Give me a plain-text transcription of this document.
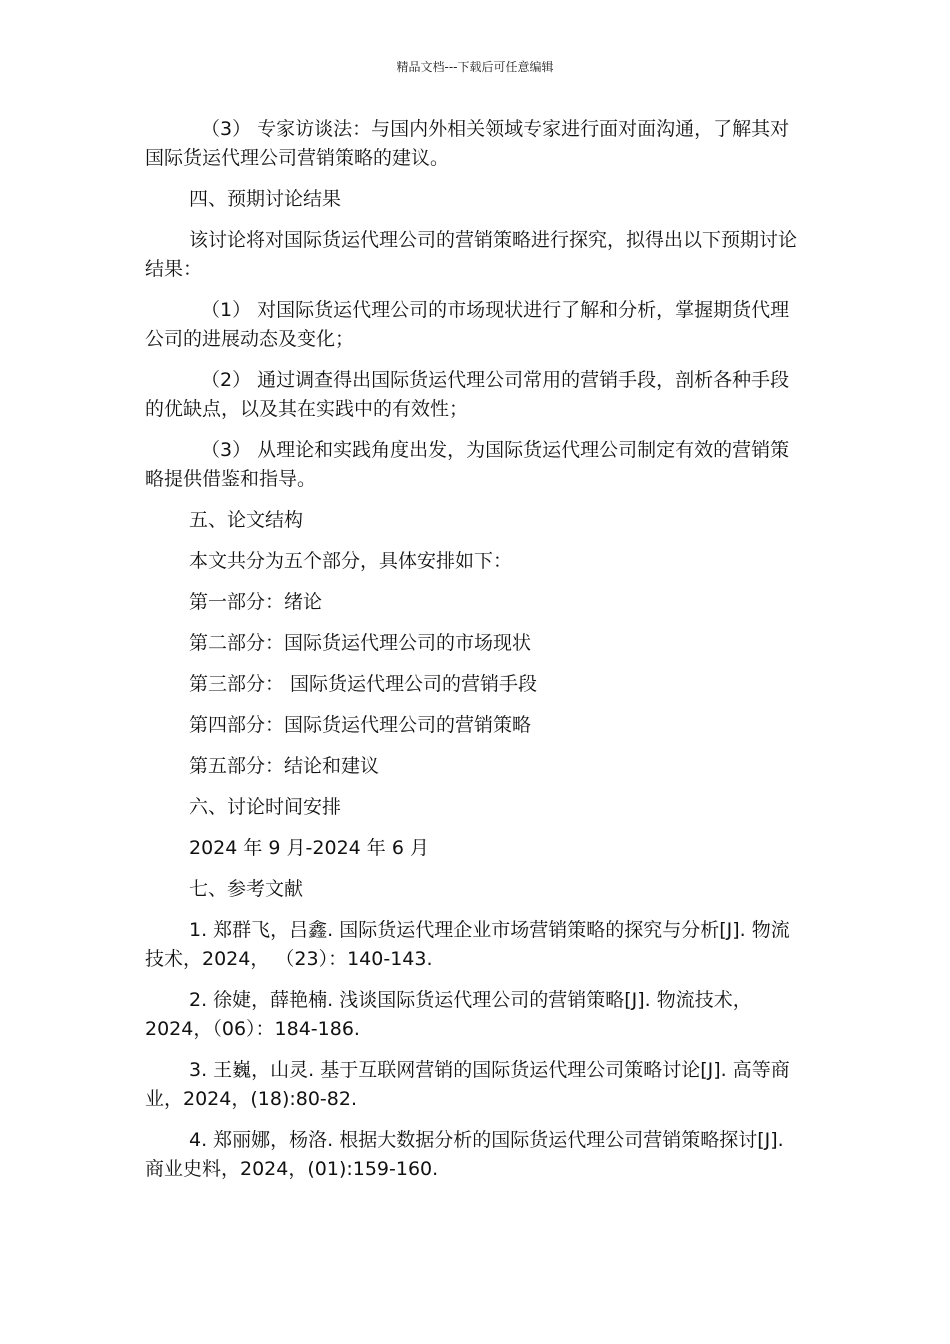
精品文档---下载后可任意编辑

（3） 专家访谈法：与国内外相关领域专家进行面对面沟通，了解其对国际货运代理公司营销策略的建议。

四、预期讨论结果

该讨论将对国际货运代理公司的营销策略进行探究，拟得出以下预期讨论结果：

（1） 对国际货运代理公司的市场现状进行了解和分析，掌握期货代理公司的进展动态及变化；

（2） 通过调查得出国际货运代理公司常用的营销手段，剖析各种手段的优缺点，以及其在实践中的有效性；

（3） 从理论和实践角度出发，为国际货运代理公司制定有效的营销策略提供借鉴和指导。

五、论文结构

本文共分为五个部分，具体安排如下：

第一部分：绪论

第二部分：国际货运代理公司的市场现状

第三部分： 国际货运代理公司的营销手段

第四部分：国际货运代理公司的营销策略

第五部分：结论和建议

六、讨论时间安排

2024 年 9 月-2024 年 6 月

七、参考文献

1. 郑群飞，吕鑫. 国际货运代理企业市场营销策略的探究与分析[J]. 物流技术，2024， （23）：140-143.

2. 徐婕，薛艳楠. 浅谈国际货运代理公司的营销策略[J]. 物流技术，2024，（06）：184-186.

3. 王巍，山灵. 基于互联网营销的国际货运代理公司策略讨论[J]. 高等商业，2024，(18):80-82.

4. 郑丽娜，杨洛. 根据大数据分析的国际货运代理公司营销策略探讨[J]. 商业史料，2024，(01):159-160.
